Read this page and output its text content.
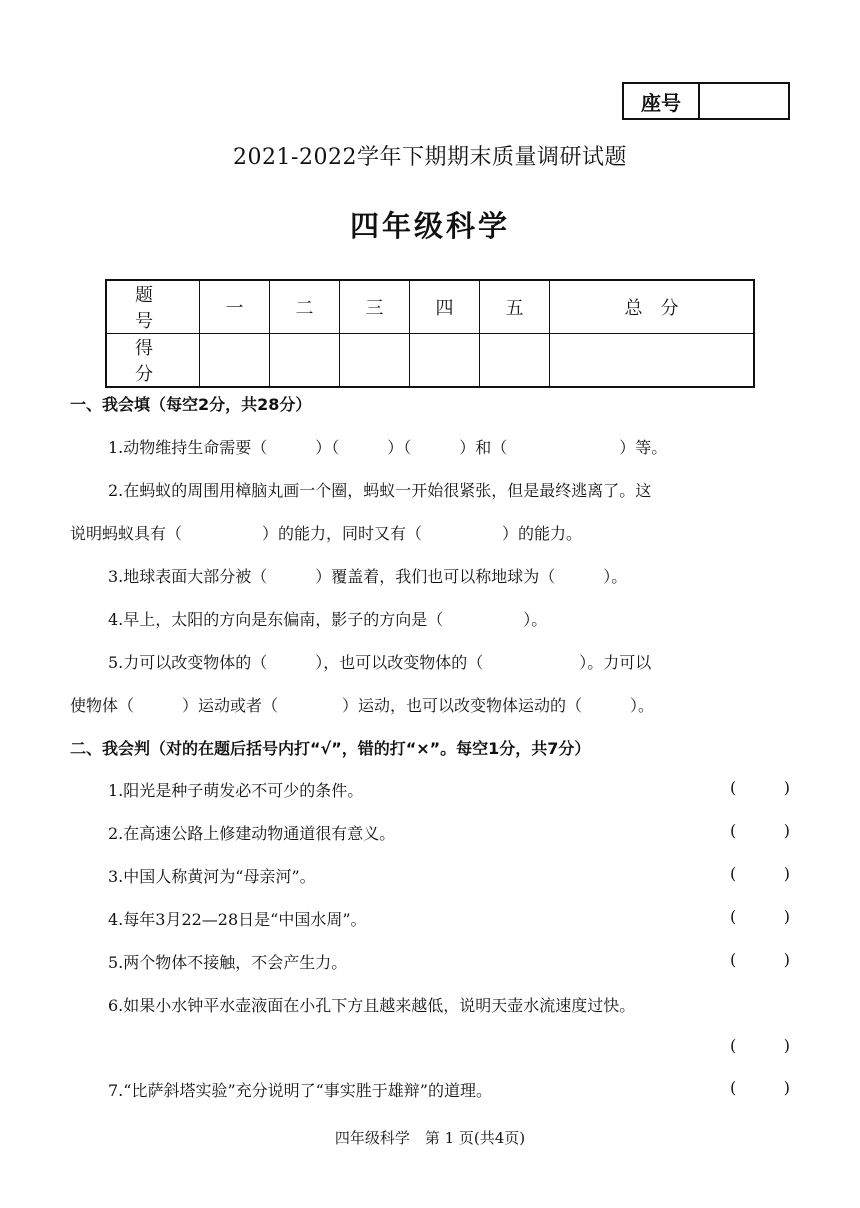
座号
2021-2022学年下期期末质量调研试题
四年级科学
题　号	一	二	三	四	五	总　分
得　分						
一、我会填（每空2分，共28分）
1.动物维持生命需要（　　　）（　　　）（　　　）和（　　　　　　　）等。
2.在蚂蚁的周围用樟脑丸画一个圈，蚂蚁一开始很紧张，但是最终逃离了。这
说明蚂蚁具有（　　　　　）的能力，同时又有（　　　　　）的能力。
3.地球表面大部分被（　　　）覆盖着，我们也可以称地球为（　　　）。
4.早上，太阳的方向是东偏南，影子的方向是（　　　　　）。
5.力可以改变物体的（　　　），也可以改变物体的（　　　　　　）。力可以
使物体（　　　）运动或者（　　　　）运动，也可以改变物体运动的（　　　）。
二、我会判（对的在题后括号内打“√”，错的打“×”。每空1分，共7分）
1.阳光是种子萌发必不可少的条件。	(	)
2.在高速公路上修建动物通道很有意义。	(	)
3.中国人称黄河为“母亲河”。	(	)
4.每年3月22—28日是“中国水周”。	(	)
5.两个物体不接触，不会产生力。	(	)
6.如果小水钟平水壶液面在小孔下方且越来越低，说明天壶水流速度过快。
(	)
7.“比萨斜塔实验”充分说明了“事实胜于雄辩”的道理。	(	)
四年级科学　第 1 页(共4页)
